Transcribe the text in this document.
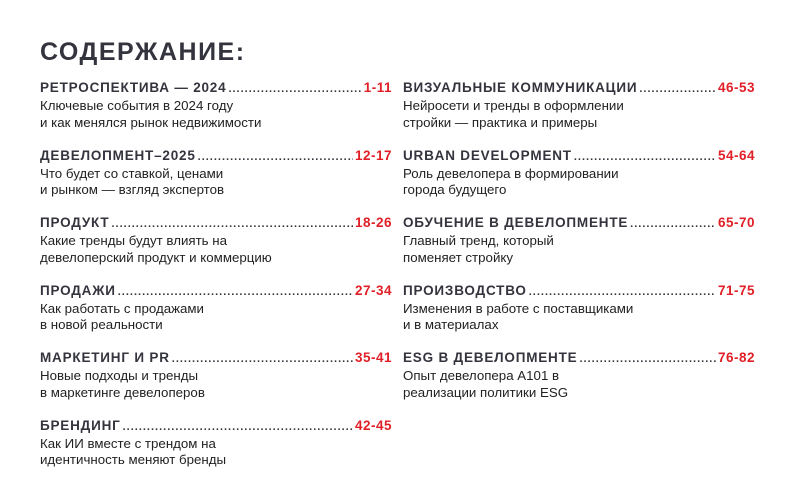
СОДЕРЖАНИЕ:
РЕТРОСПЕКТИВА — 2024 .....	1-11
Ключевые события в 2024 году
и как менялся рынок недвижимости
ДЕВЕЛОПМЕНТ–2025 .....	12-17
Что будет со ставкой, ценами
и рынком — взгляд экспертов
ПРОДУКТ .....	18-26
Какие тренды будут влиять на
девелоперский продукт и коммерцию
ПРОДАЖИ .....	27-34
Как работать с продажами
в новой реальности
МАРКЕТИНГ И PR .....	35-41
Новые подходы и тренды
в маркетинге девелоперов
БРЕНДИНГ .....	42-45
Как ИИ вместе с трендом на
идентичность меняют бренды
ВИЗУАЛЬНЫЕ КОММУНИКАЦИИ .....	46-53
Нейросети и тренды в оформлении
стройки — практика и примеры
URBAN DEVELOPMENT .....	54-64
Роль девелопера в формировании
города будущего
ОБУЧЕНИЕ В ДЕВЕЛОПМЕНТЕ .....	65-70
Главный тренд, который
поменяет стройку
ПРОИЗВОДСТВО .....	71-75
Изменения в работе с поставщиками
и в материалах
ESG В ДЕВЕЛОПМЕНТЕ .....	76-82
Опыт девелопера А101 в
реализации политики ESG
